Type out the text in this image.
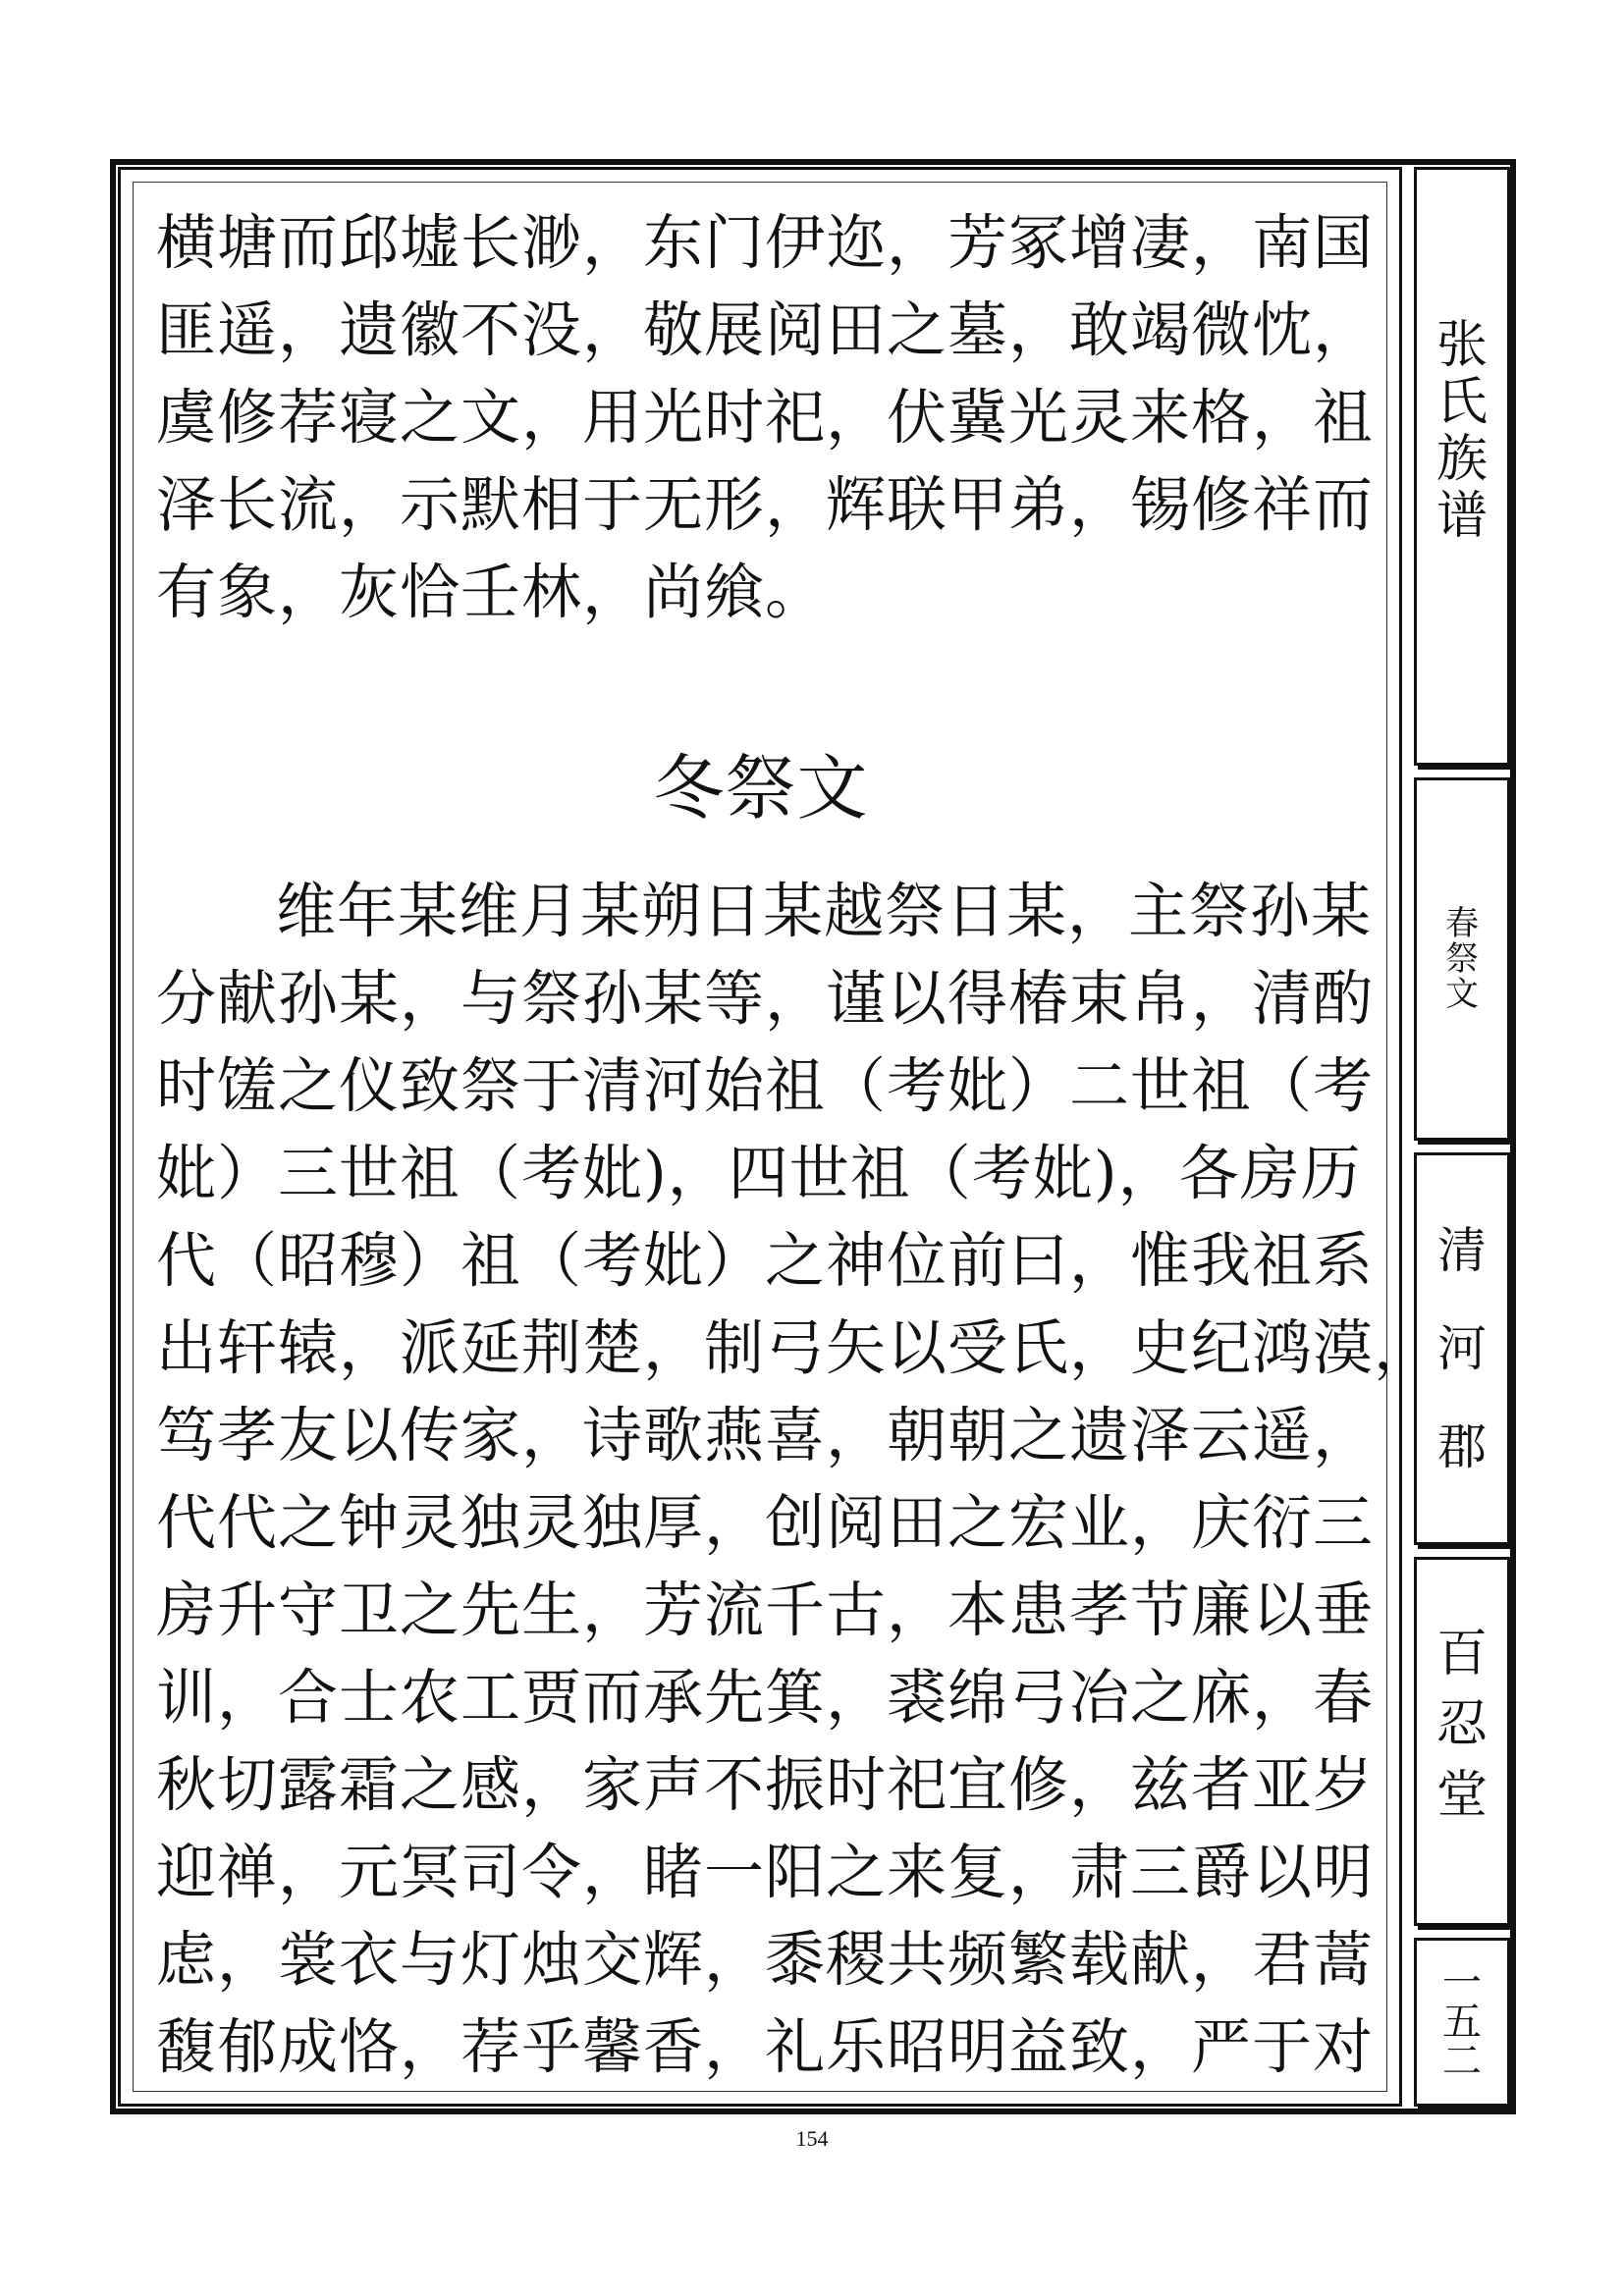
横塘而邱墟长渺，东门伊迩，芳冢增凄，南国
匪遥，遗徽不没，敬展阅田之墓，敢竭微忱，
虞修荐寝之文，用光时祀，伏冀光灵来格，祖
泽长流，示默相于无形，辉联甲弟，锡修祥而
有象，灰恰壬林，尚飨。
冬祭文
维年某维月某朔日某越祭日某，主祭孙某
分献孙某，与祭孙某等，谨以得椿束帛，清酌
时馐之仪致祭于清河始祖（考妣）二世祖（考
妣）三世祖（考妣)，四世祖（考妣)，各房历
代（昭穆）祖（考妣）之神位前曰，惟我祖系
出轩辕，派延荆楚，制弓矢以受氏，史纪鸿漠，
笃孝友以传家，诗歌燕喜，朝朝之遗泽云遥，
代代之钟灵独灵独厚，创阅田之宏业，庆衍三
房升守卫之先生，芳流千古，本患孝节廉以垂
训，合士农工贾而承先箕，裘绵弓冶之庥，春
秋切露霜之感，家声不振时祀宜修，兹者亚岁
迎禅，元冥司令，睹一阳之来复，肃三爵以明
虑，裳衣与灯烛交辉，黍稷共频繁载献，君蒿
馥郁成恪，荐乎馨香，礼乐昭明益致，严于对
张
氏
族
谱
春
祭
文
清
河
郡
百
忍
堂
一
五
二
154
